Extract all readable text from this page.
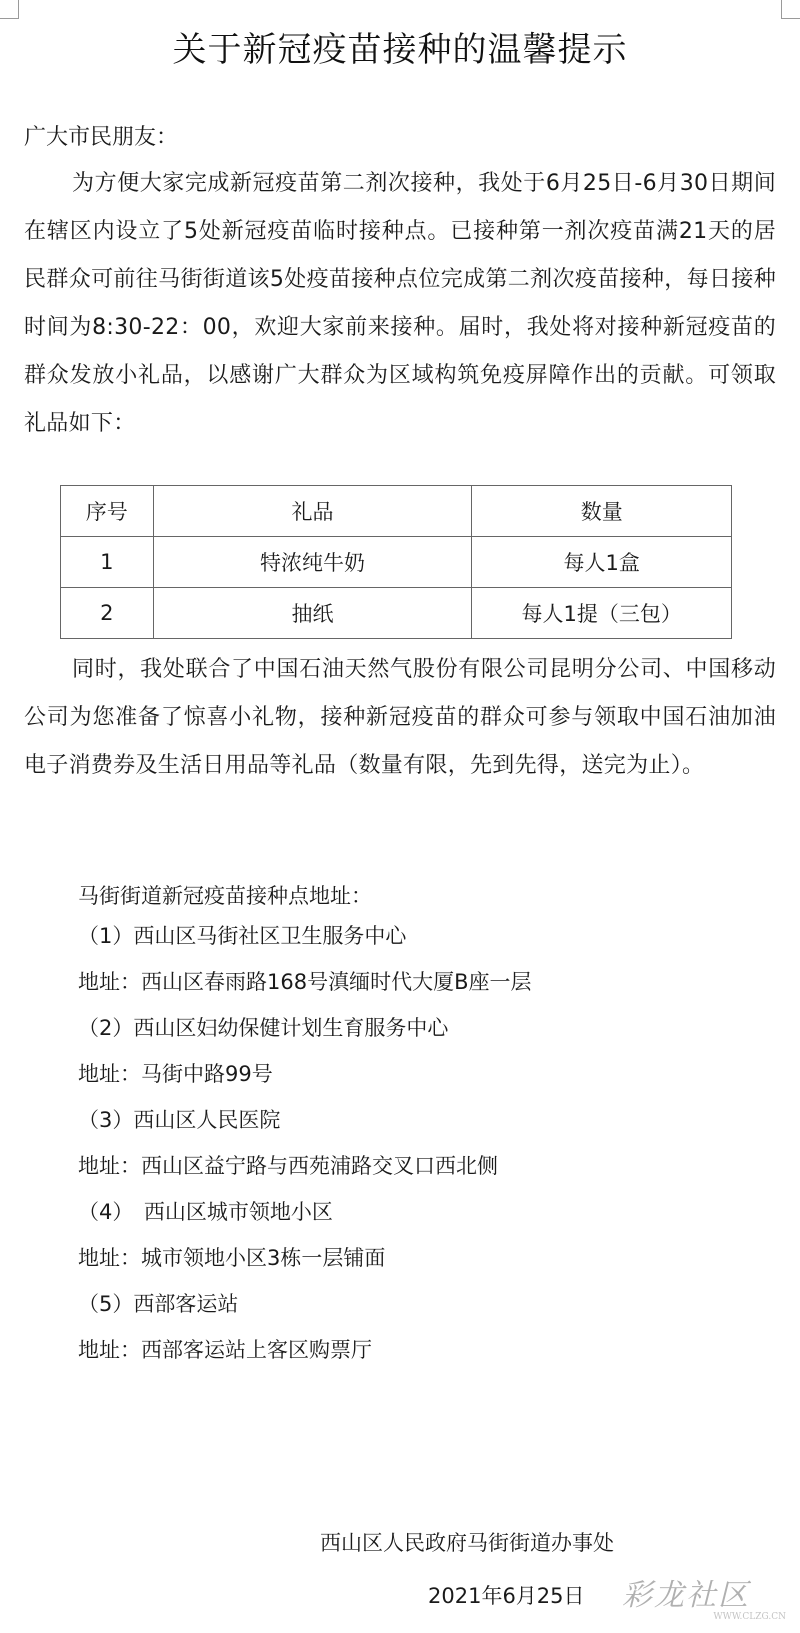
关于新冠疫苗接种的温馨提示
广大市民朋友：

为方便大家完成新冠疫苗第二剂次接种，我处于6月25日-6月30日期间在辖区内设立了5处新冠疫苗临时接种点。已接种第一剂次疫苗满21天的居民群众可前往马街街道该5处疫苗接种点位完成第二剂次疫苗接种，每日接种时间为8:30-22：00，欢迎大家前来接种。届时，我处将对接种新冠疫苗的群众发放小礼品，以感谢广大群众为区域构筑免疫屏障作出的贡献。可领取礼品如下：

序号	礼品	数量
1	特浓纯牛奶	每人1盒
2	抽纸	每人1提（三包）

同时，我处联合了中国石油天然气股份有限公司昆明分公司、中国移动公司为您准备了惊喜小礼物，接种新冠疫苗的群众可参与领取中国石油加油电子消费券及生活日用品等礼品（数量有限，先到先得，送完为止）。

马街街道新冠疫苗接种点地址：
（1）西山区马街社区卫生服务中心
地址：西山区春雨路168号滇缅时代大厦B座一层
（2）西山区妇幼保健计划生育服务中心
地址：马街中路99号
（3）西山区人民医院
地址：西山区益宁路与西苑浦路交叉口西北侧
（4）　西山区城市领地小区
地址：城市领地小区3栋一层铺面
（5）西部客运站
地址：西部客运站上客区购票厅
西山区人民政府马街街道办事处
2021年6月25日 彩龙社区
WWW.CLZG.CN
